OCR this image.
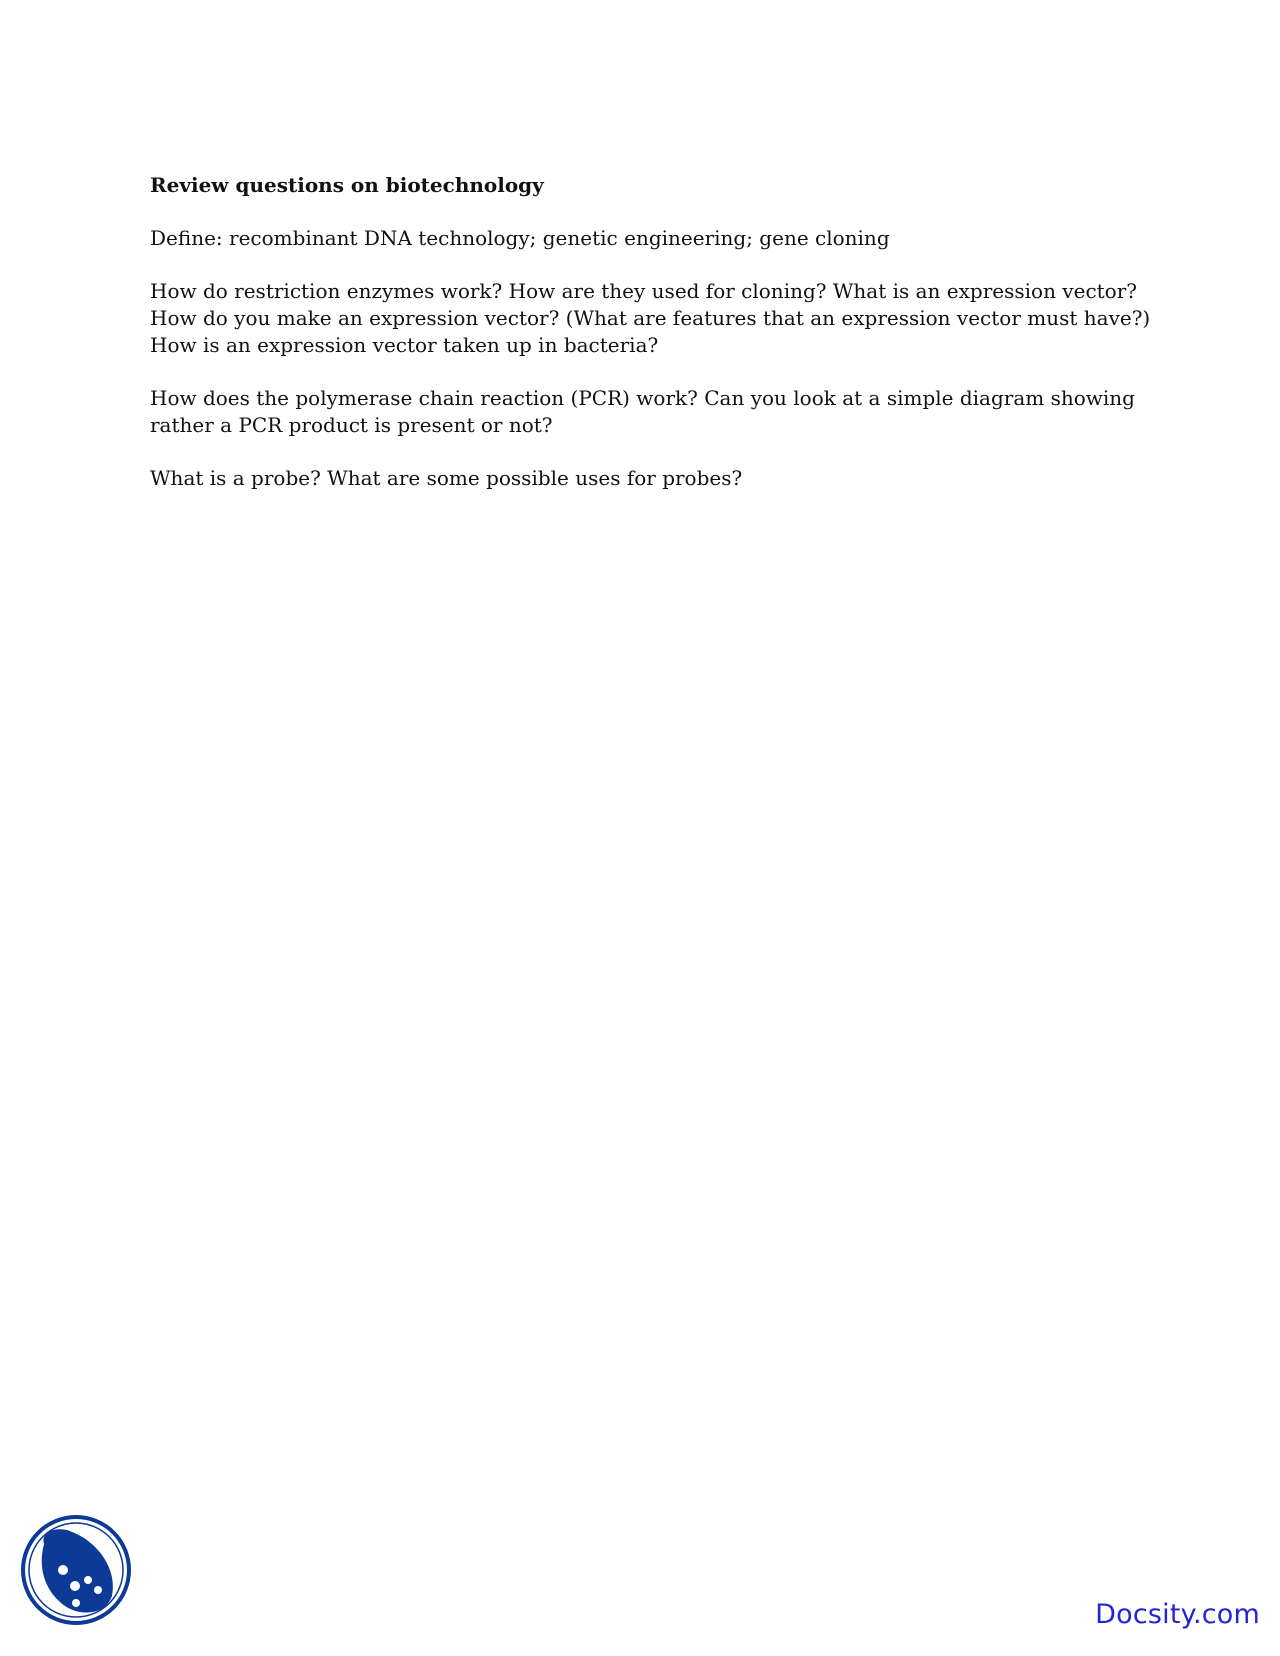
Review questions on biotechnology
Define: recombinant DNA technology; genetic engineering; gene cloning
How do restriction enzymes work? How are they used for cloning? What is an expression vector?
How do you make an expression vector? (What are features that an expression vector must have?)
How is an expression vector taken up in bacteria?
How does the polymerase chain reaction (PCR) work? Can you look at a simple diagram showing
rather a PCR product is present or not?
What is a probe? What are some possible uses for probes?
Docsity.com
